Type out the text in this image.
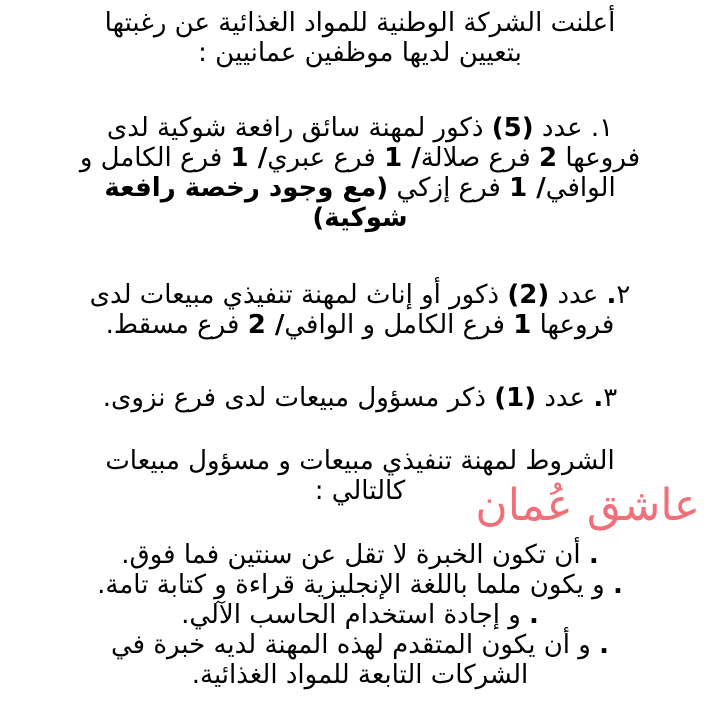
أعلنت الشركة الوطنية للمواد الغذائية عن رغبتها
بتعيين لديها موظفين عمانيين :
١. عدد (5) ذكور لمهنة سائق رافعة شوكية لدى
فروعها 2 فرع صلالة/ 1 فرع عبري/ 1 فرع الكامل و
الوافي/ 1 فرع إزكي (مع وجود رخصة رافعة
شوكية)
٢. عدد (2) ذكور أو إناث لمهنة تنفيذي مبيعات لدى
فروعها 1 فرع الكامل و الوافي/ 2 فرع مسقط.
٣. عدد (1) ذكر مسؤول مبيعات لدى فرع نزوى.
الشروط لمهنة تنفيذي مبيعات و مسؤول مبيعات
كالتالي :	عاشق عُمان
. أن تكون الخبرة لا تقل عن سنتين فما فوق.
. و يكون ملما باللغة الإنجليزية قراءة و كتابة تامة.
. و إجادة استخدام الحاسب الآلي.
. و أن يكون المتقدم لهذه المهنة لديه خبرة في
الشركات التابعة للمواد الغذائية.
